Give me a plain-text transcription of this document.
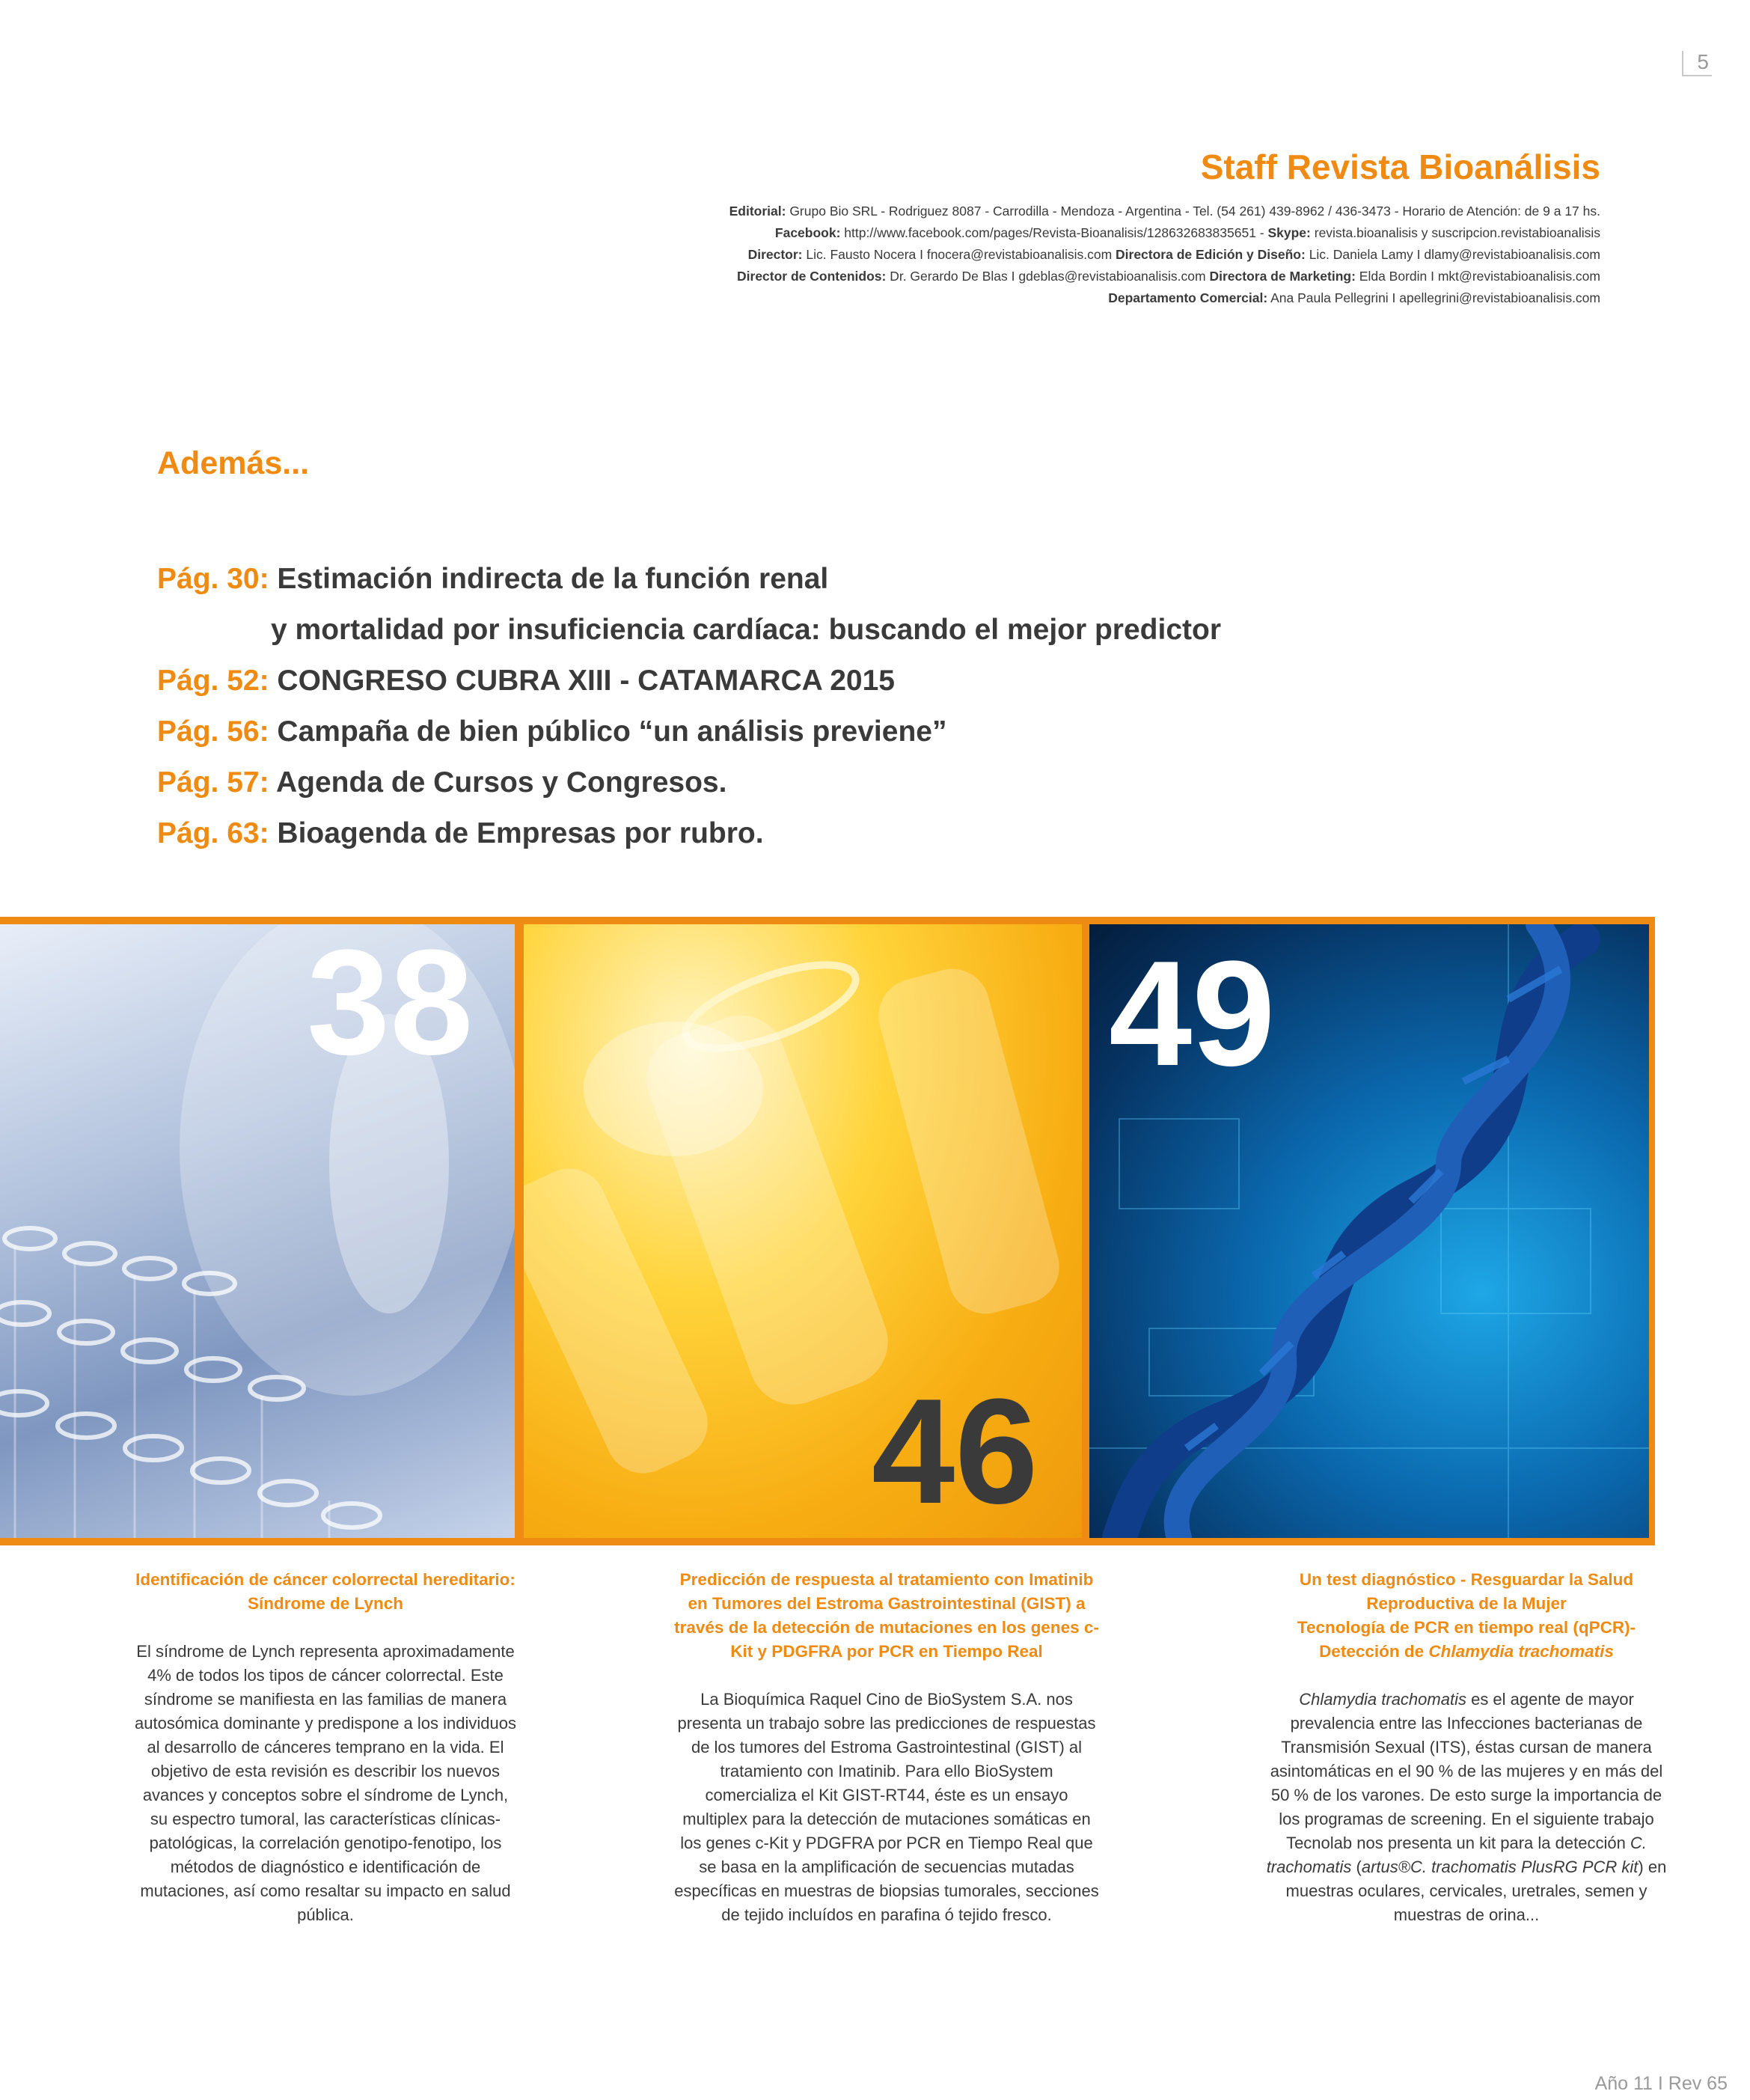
5
Staff Revista Bioanálisis
Editorial: Grupo Bio SRL - Rodriguez 8087 - Carrodilla - Mendoza - Argentina - Tel. (54 261) 439-8962 / 436-3473 - Horario de Atención: de 9 a 17 hs.
Facebook: http://www.facebook.com/pages/Revista-Bioanalisis/128632683835651 - Skype: revista.bioanalisis y suscripcion.revistabioanalisis
Director: Lic. Fausto Nocera I fnocera@revistabioanalisis.com Directora de Edición y Diseño: Lic. Daniela Lamy I dlamy@revistabioanalisis.com
Director de Contenidos: Dr. Gerardo De Blas I gdeblas@revistabioanalisis.com Directora de Marketing: Elda Bordin I mkt@revistabioanalisis.com
Departamento Comercial: Ana Paula Pellegrini I apellegrini@revistabioanalisis.com
Además...
Pág. 30: Estimación indirecta de la función renal
y mortalidad por insuficiencia cardíaca: buscando el mejor predictor
Pág. 52: CONGRESO CUBRA XIII - CATAMARCA 2015
Pág. 56: Campaña de bien público “un análisis previene”
Pág. 57: Agenda de Cursos y Congresos.
Pág. 63: Bioagenda de Empresas por rubro.
38	49
46

Identificación de cáncer colorrectal hereditario: Síndrome de Lynch

El síndrome de Lynch representa aproximadamente 4% de todos los tipos de cáncer colorrectal. Este síndrome se manifiesta en las familias de manera autosómica dominante y predispone a los individuos al desarrollo de cánceres temprano en la vida. El objetivo de esta revisión es describir los nuevos avances y conceptos sobre el síndrome de Lynch, su espectro tumoral, las características clínicas-patológicas, la correlación genotipo-fenotipo, los métodos de diagnóstico e identificación de mutaciones, así como resaltar su impacto en salud pública.

Predicción de respuesta al tratamiento con Imatinib en Tumores del Estroma Gastrointestinal (GIST) a través de la detección de mutaciones en los genes c-Kit y PDGFRA por PCR en Tiempo Real

La Bioquímica Raquel Cino de BioSystem S.A. nos presenta un trabajo sobre las predicciones de respuestas de los tumores del Estroma Gastrointestinal (GIST) al tratamiento con Imatinib. Para ello BioSystem comercializa el Kit GIST-RT44, éste es un ensayo multiplex para la detección de mutaciones somáticas en los genes c-Kit y PDGFRA por PCR en Tiempo Real que se basa en la amplificación de secuencias mutadas específicas en muestras de biopsias tumorales, secciones de tejido incluídos en parafina ó tejido fresco.

Un test diagnóstico - Resguardar la Salud Reproductiva de la Mujer
Tecnología de PCR en tiempo real (qPCR)-
Detección de Chlamydia trachomatis

Chlamydia trachomatis es el agente de mayor prevalencia entre las Infecciones bacterianas de Transmisión Sexual (ITS), éstas cursan de manera asintomáticas en el 90 % de las mujeres y en más del 50 % de los varones. De esto surge la importancia de los programas de screening. En el siguiente trabajo Tecnolab nos presenta un kit para la detección C. trachomatis (artus®C. trachomatis PlusRG PCR kit) en muestras oculares, cervicales, uretrales, semen y muestras de orina...

Año 11 I Rev 65
